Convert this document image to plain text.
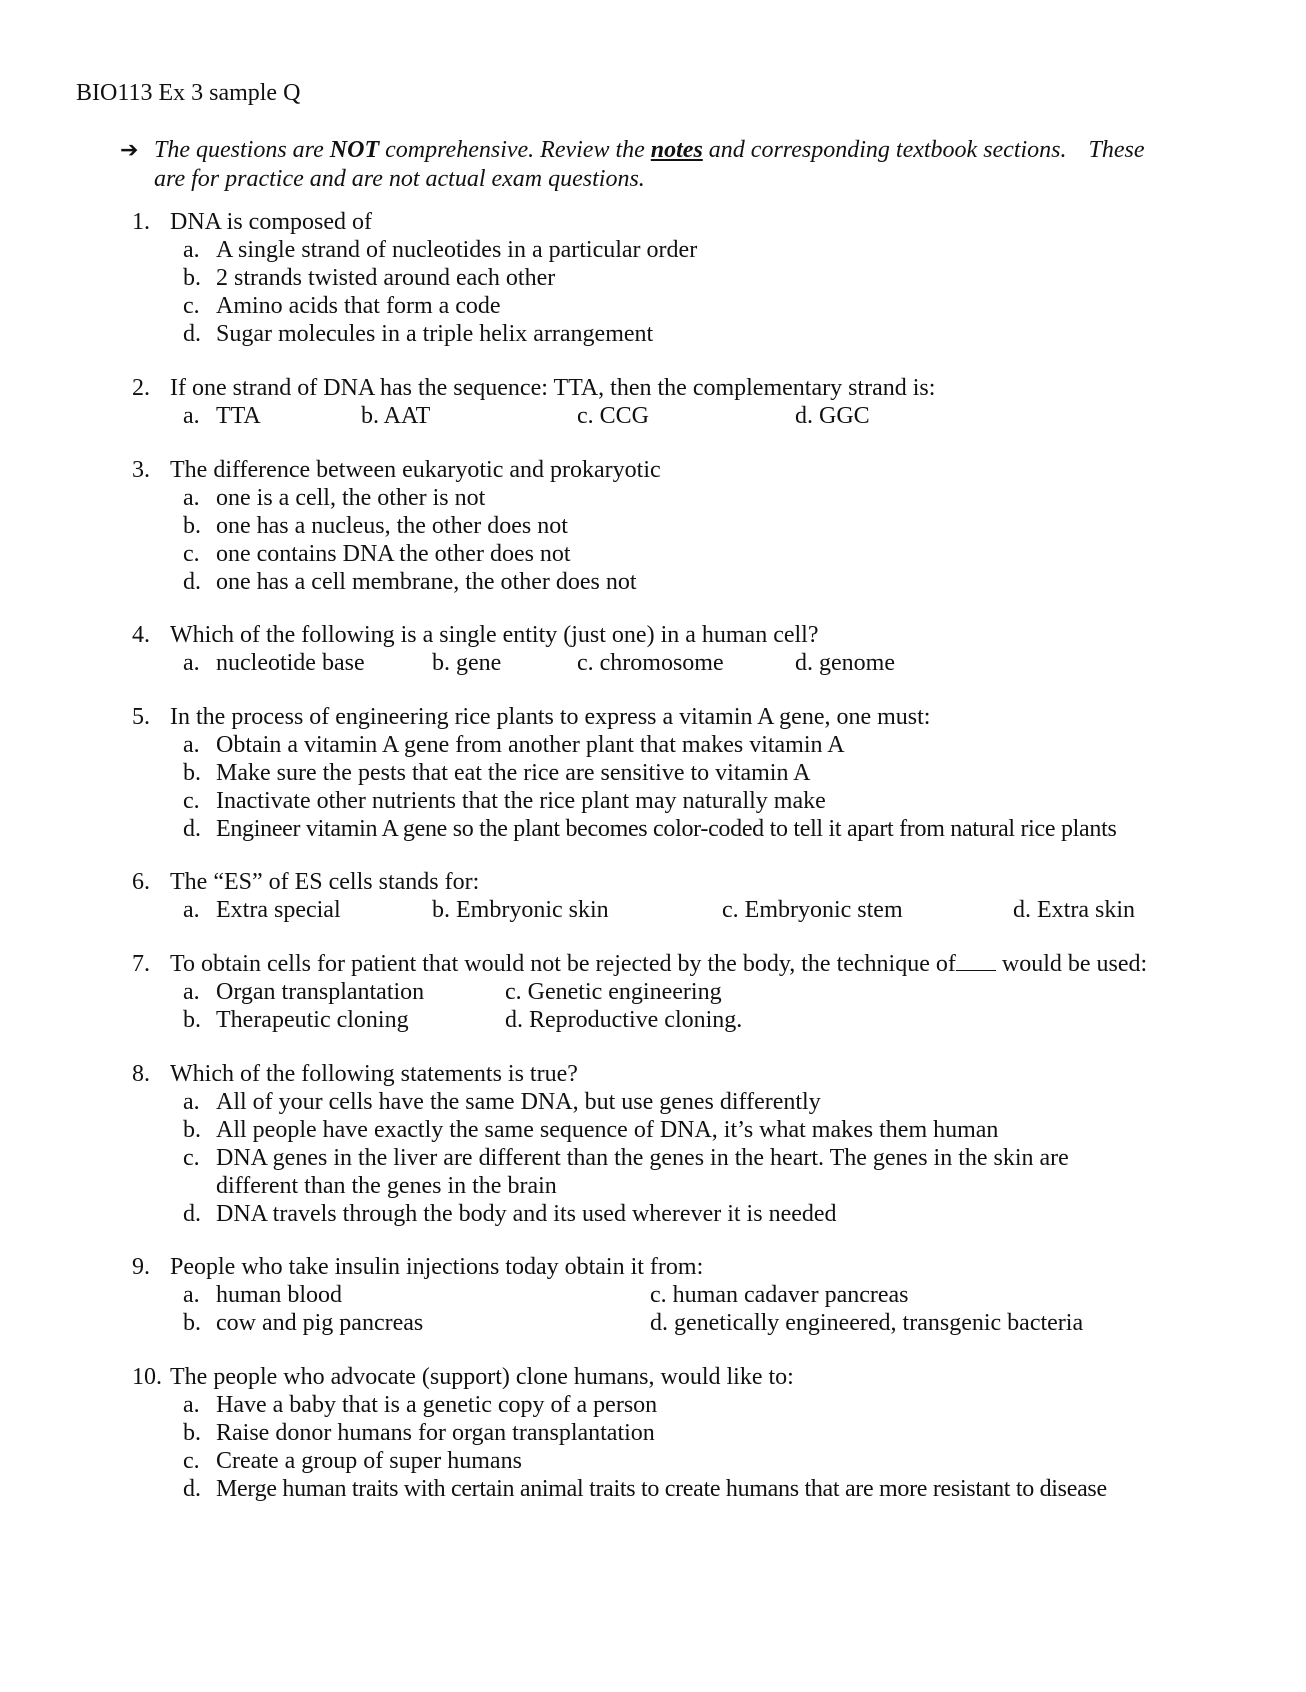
BIO113 Ex 3 sample Q
➔ The questions are NOT comprehensive. Review the notes and corresponding textbook sections. These
are for practice and are not actual exam questions.
1. DNA is composed of
a. A single strand of nucleotides in a particular order
b. 2 strands twisted around each other
c. Amino acids that form a code
d. Sugar molecules in a triple helix arrangement
2. If one strand of DNA has the sequence: TTA, then the complementary strand is:
a. TTA	b. AAT	c. CCG	d. GGC
3. The difference between eukaryotic and prokaryotic
a. one is a cell, the other is not
b. one has a nucleus, the other does not
c. one contains DNA the other does not
d. one has a cell membrane, the other does not
4. Which of the following is a single entity (just one) in a human cell?
a. nucleotide base	b. gene	c. chromosome	d. genome
5. In the process of engineering rice plants to express a vitamin A gene, one must:
a. Obtain a vitamin A gene from another plant that makes vitamin A
b. Make sure the pests that eat the rice are sensitive to vitamin A
c. Inactivate other nutrients that the rice plant may naturally make
d. Engineer vitamin A gene so the plant becomes color-coded to tell it apart from natural rice plants
6. The “ES” of ES cells stands for:
a. Extra special	b. Embryonic skin	c. Embryonic stem	d. Extra skin
7. To obtain cells for patient that would not be rejected by the body, the technique of would be used:
a. Organ transplantation
b. Therapeutic cloning
c. Genetic engineering
d. Reproductive cloning.
8. Which of the following statements is true?
a. All of your cells have the same DNA, but use genes differently
b. All people have exactly the same sequence of DNA, it’s what makes them human
c. DNA genes in the liver are different than the genes in the heart. The genes in the skin are different than the genes in the brain
d. DNA travels through the body and its used wherever it is needed
9. People who take insulin injections today obtain it from:
a. human blood
b. cow and pig pancreas
c. human cadaver pancreas
d. genetically engineered, transgenic bacteria
10. The people who advocate (support) clone humans, would like to:
a. Have a baby that is a genetic copy of a person
b. Raise donor humans for organ transplantation
c. Create a group of super humans
d. Merge human traits with certain animal traits to create humans that are more resistant to disease
